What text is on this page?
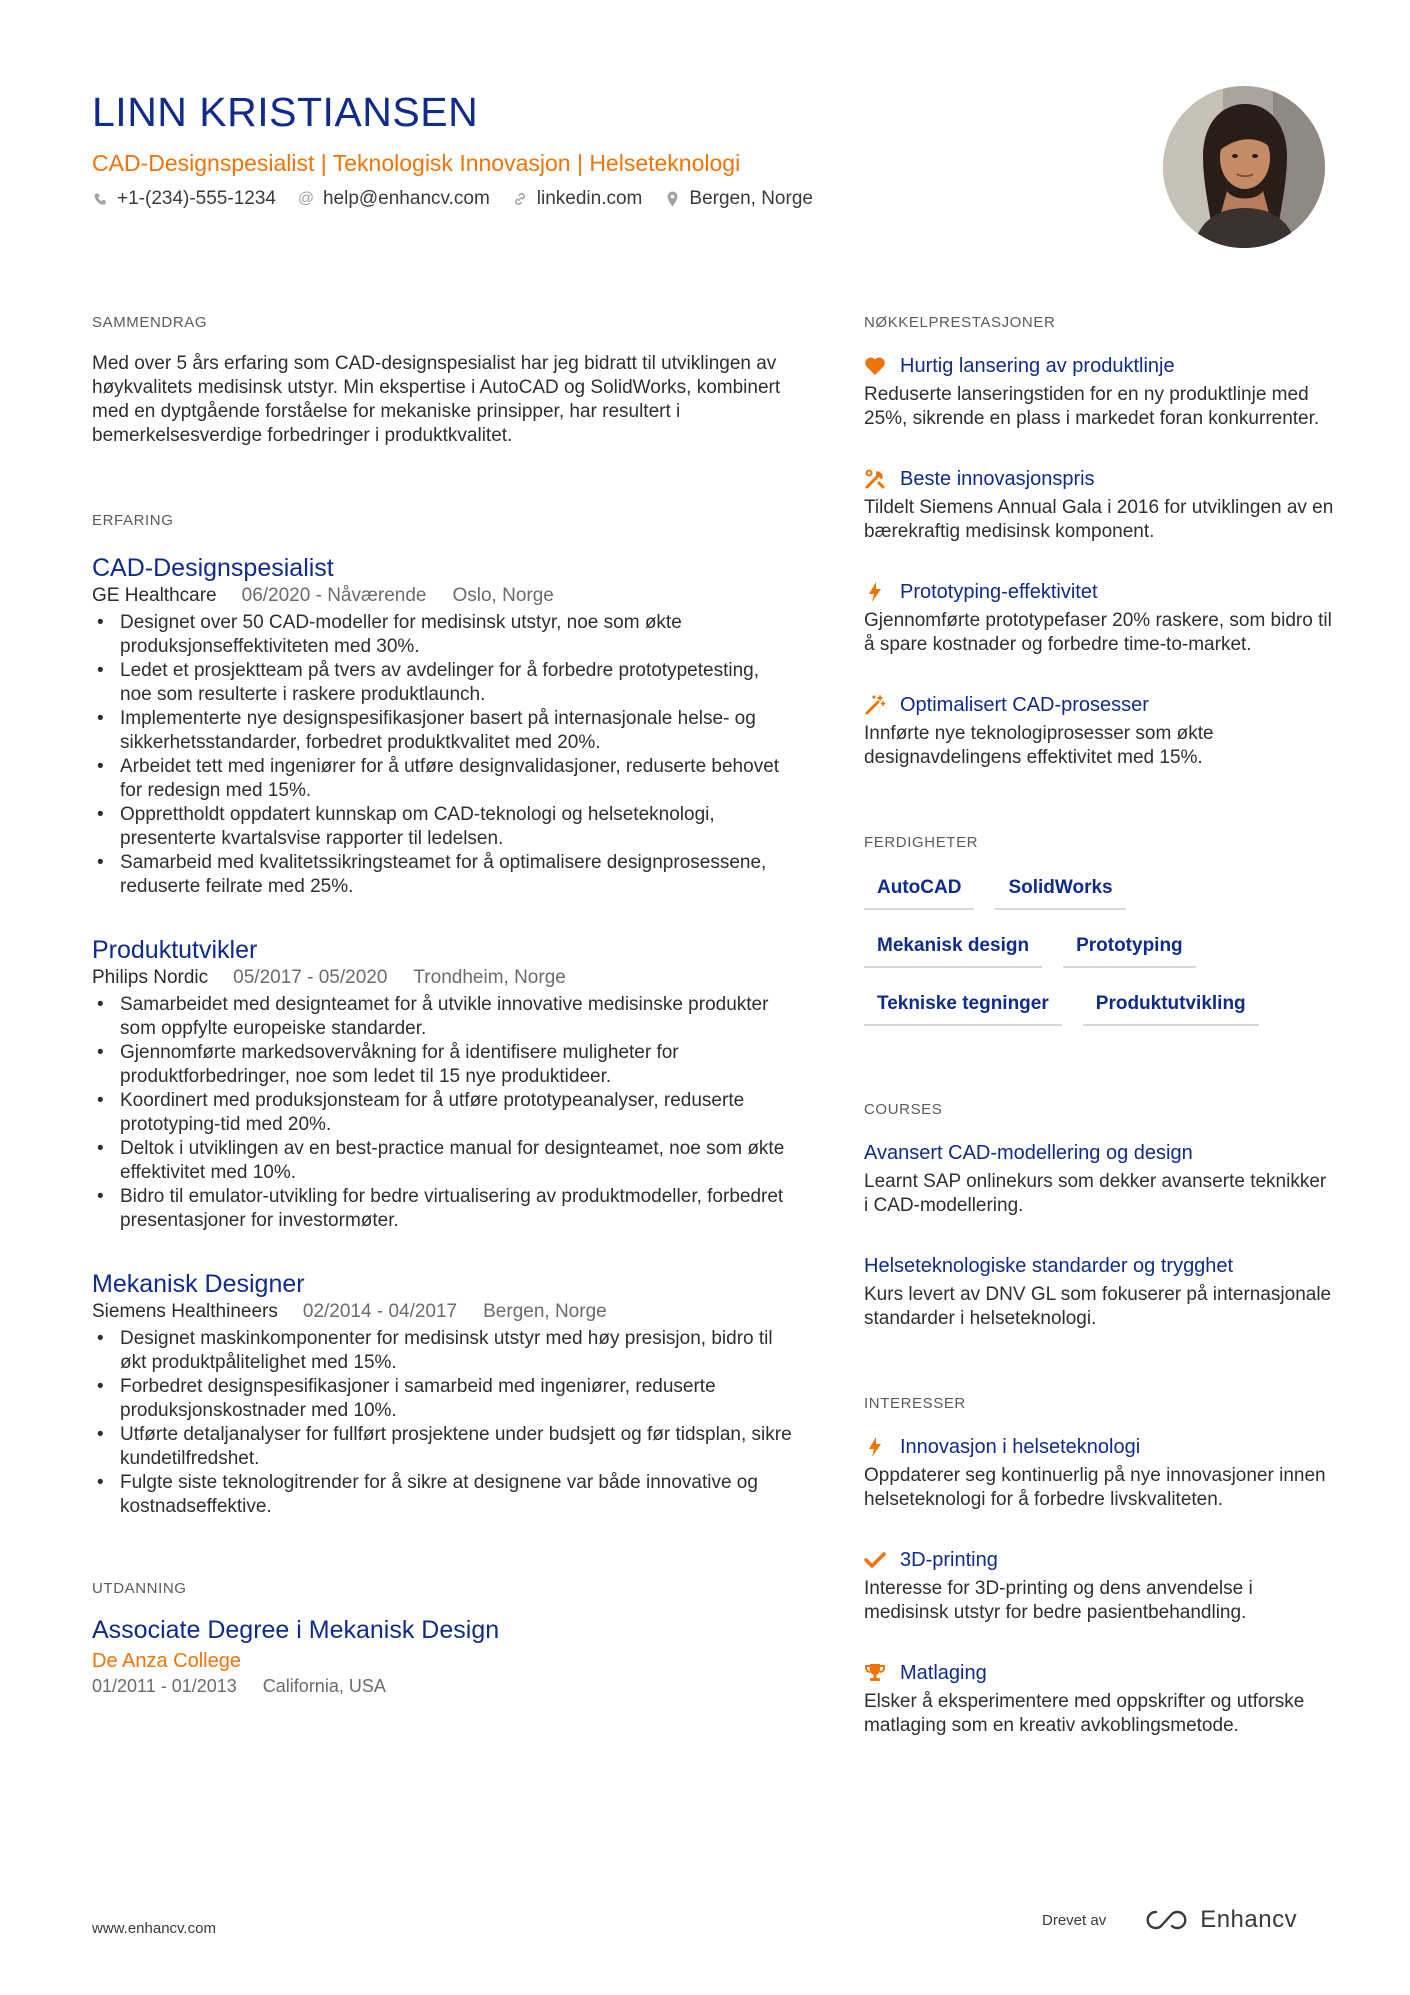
LINN KRISTIANSEN
CAD-Designspesialist | Teknologisk Innovasjon | Helseteknologi
+1-(234)-555-1234 @ help@enhancv.com linkedin.com Bergen, Norge
SAMMENDRAG
Med over 5 års erfaring som CAD-designspesialist har jeg bidratt til utviklingen av høykvalitets medisinsk utstyr. Min ekspertise i AutoCAD og SolidWorks, kombinert med en dyptgående forståelse for mekaniske prinsipper, har resultert i bemerkelsesverdige forbedringer i produktkvalitet.
ERFARING
CAD-Designspesialist
GE Healthcare 06/2020 - Nåværende Oslo, Norge
• Designet over 50 CAD-modeller for medisinsk utstyr, noe som økte produksjonseffektiviteten med 30%.
• Ledet et prosjektteam på tvers av avdelinger for å forbedre prototypetesting, noe som resulterte i raskere produktlaunch.
• Implementerte nye designspesifikasjoner basert på internasjonale helse- og sikkerhetsstandarder, forbedret produktkvalitet med 20%.
• Arbeidet tett med ingeniører for å utføre designvalidasjoner, reduserte behovet for redesign med 15%.
• Opprettholdt oppdatert kunnskap om CAD-teknologi og helseteknologi, presenterte kvartalsvise rapporter til ledelsen.
• Samarbeid med kvalitetssikringsteamet for å optimalisere designprosessene, reduserte feilrate med 25%.
Produktutvikler
Philips Nordic 05/2017 - 05/2020 Trondheim, Norge
• Samarbeidet med designteamet for å utvikle innovative medisinske produkter som oppfylte europeiske standarder.
• Gjennomførte markedsovervåkning for å identifisere muligheter for produktforbedringer, noe som ledet til 15 nye produktideer.
• Koordinert med produksjonsteam for å utføre prototypeanalyser, reduserte prototyping-tid med 20%.
• Deltok i utviklingen av en best-practice manual for designteamet, noe som økte effektivitet med 10%.
• Bidro til emulator-utvikling for bedre virtualisering av produktmodeller, forbedret presentasjoner for investormøter.
Mekanisk Designer
Siemens Healthineers 02/2014 - 04/2017 Bergen, Norge
• Designet maskinkomponenter for medisinsk utstyr med høy presisjon, bidro til økt produktpålitelighet med 15%.
• Forbedret designspesifikasjoner i samarbeid med ingeniører, reduserte produksjonskostnader med 10%.
• Utførte detaljanalyser for fullført prosjektene under budsjett og før tidsplan, sikre kundetilfredshet.
• Fulgte siste teknologitrender for å sikre at designene var både innovative og kostnadseffektive.
UTDANNING
Associate Degree i Mekanisk Design
De Anza College
01/2011 - 01/2013 California, USA
NØKKELPRESTASJONER
Hurtig lansering av produktlinje
Reduserte lanseringstiden for en ny produktlinje med 25%, sikrende en plass i markedet foran konkurrenter.
Beste innovasjonspris
Tildelt Siemens Annual Gala i 2016 for utviklingen av en bærekraftig medisinsk komponent.
Prototyping-effektivitet
Gjennomførte prototypefaser 20% raskere, som bidro til å spare kostnader og forbedre time-to-market.
Optimalisert CAD-prosesser
Innførte nye teknologiprosesser som økte designavdelingens effektivitet med 15%.
FERDIGHETER
AutoCAD	SolidWorks
Mekanisk design	Prototyping
Tekniske tegninger	Produktutvikling
COURSES
Avansert CAD-modellering og design
Learnt SAP onlinekurs som dekker avanserte teknikker i CAD-modellering.
Helseteknologiske standarder og trygghet
Kurs levert av DNV GL som fokuserer på internasjonale standarder i helseteknologi.
INTERESSER
Innovasjon i helseteknologi
Oppdaterer seg kontinuerlig på nye innovasjoner innen helseteknologi for å forbedre livskvaliteten.
3D-printing
Interesse for 3D-printing og dens anvendelse i medisinsk utstyr for bedre pasientbehandling.
Matlaging
Elsker å eksperimentere med oppskrifter og utforske matlaging som en kreativ avkoblingsmetode.
www.enhancv.com	Drevet av	Enhancv
